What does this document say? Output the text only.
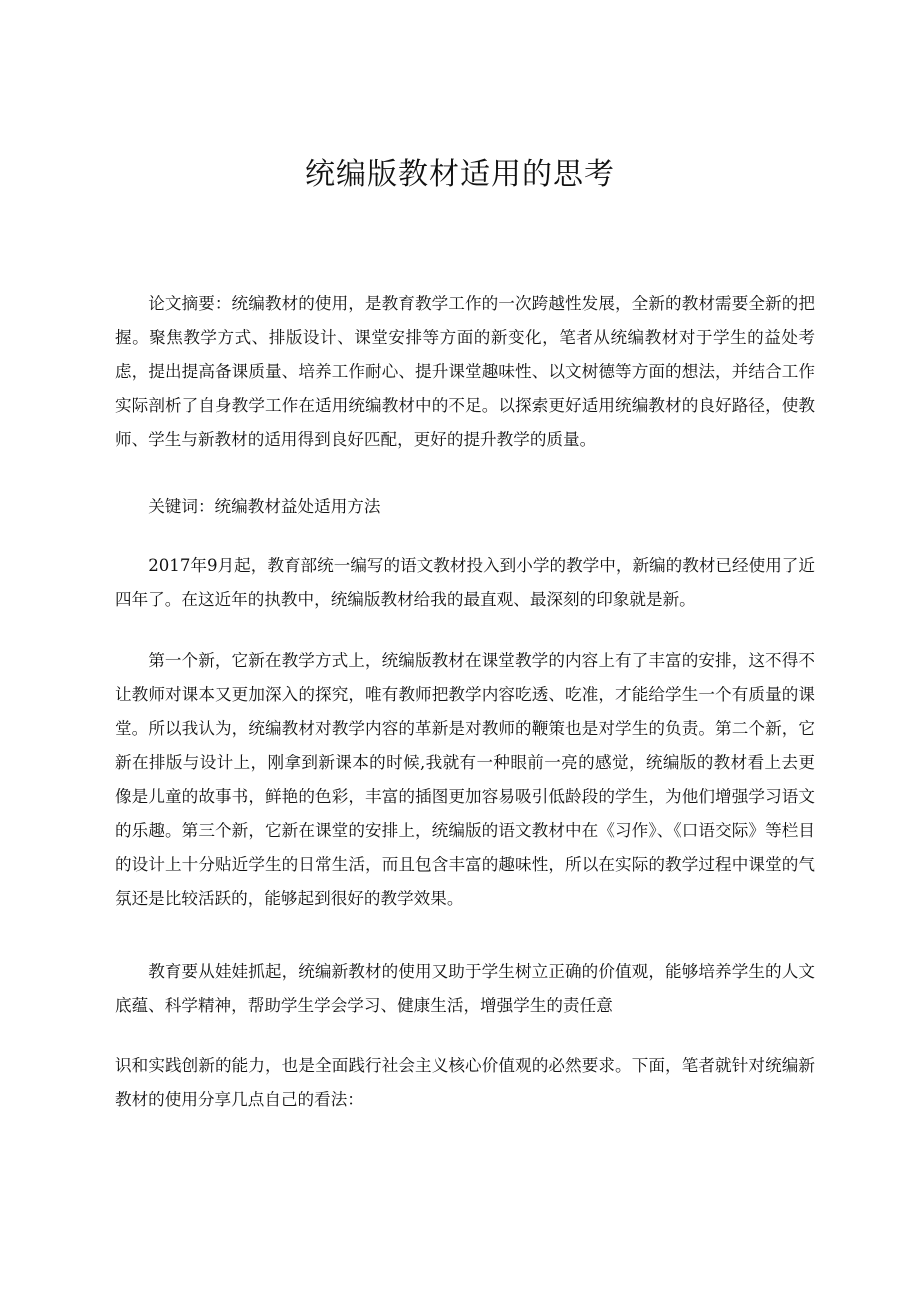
统编版教材适用的思考

论文摘要：统编教材的使用，是教育教学工作的一次跨越性发展，全新的教材需要全新的把握。聚焦教学方式、排版设计、课堂安排等方面的新变化，笔者从统编教材对于学生的益处考虑，提出提高备课质量、培养工作耐心、提升课堂趣味性、以文树德等方面的想法，并结合工作实际剖析了自身教学工作在适用统编教材中的不足。以探索更好适用统编教材的良好路径，使教师、学生与新教材的适用得到良好匹配，更好的提升教学的质量。

关键词：统编教材益处适用方法

2017年9月起，教育部统一编写的语文教材投入到小学的教学中，新编的教材已经使用了近四年了。在这近年的执教中，统编版教材给我的最直观、最深刻的印象就是新。

第一个新，它新在教学方式上，统编版教材在课堂教学的内容上有了丰富的安排，这不得不让教师对课本又更加深入的探究，唯有教师把教学内容吃透、吃准，才能给学生一个有质量的课堂。所以我认为，统编教材对教学内容的革新是对教师的鞭策也是对学生的负责。第二个新，它新在排版与设计上，刚拿到新课本的时候,我就有一种眼前一亮的感觉，统编版的教材看上去更像是儿童的故事书，鲜艳的色彩，丰富的插图更加容易吸引低龄段的学生，为他们增强学习语文的乐趣。第三个新，它新在课堂的安排上，统编版的语文教材中在《习作》、《口语交际》等栏目的设计上十分贴近学生的日常生活，而且包含丰富的趣味性，所以在实际的教学过程中课堂的气氛还是比较活跃的，能够起到很好的教学效果。

教育要从娃娃抓起，统编新教材的使用又助于学生树立正确的价值观，能够培养学生的人文底蕴、科学精神，帮助学生学会学习、健康生活，增强学生的责任意

识和实践创新的能力，也是全面践行社会主义核心价值观的必然要求。下面，笔者就针对统编新教材的使用分享几点自己的看法：
